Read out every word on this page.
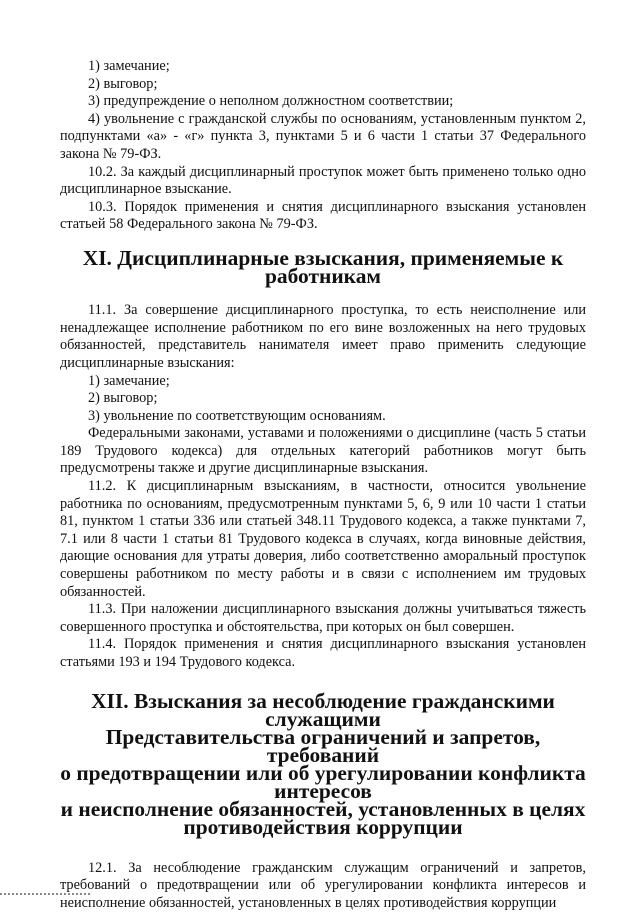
1) замечание;

2) выговор;

3) предупреждение о неполном должностном соответствии;

4) увольнение с гражданской службы по основаниям, установленным пунктом 2, подпунктами «а» - «г» пункта 3, пунктами 5 и 6 части 1 статьи 37 Федерального закона № 79-ФЗ.

10.2. За каждый дисциплинарный проступок может быть применено только одно дисциплинарное взыскание.

10.3. Порядок применения и снятия дисциплинарного взыскания установлен статьей 58 Федерального закона № 79-ФЗ.

XI. Дисциплинарные взыскания, применяемые к работникам

11.1. За совершение дисциплинарного проступка, то есть неисполнение или ненадлежащее исполнение работником по его вине возложенных на него трудовых обязанностей, представитель нанимателя имеет право применить следующие дисциплинарные взыскания:

1) замечание;

2) выговор;

3) увольнение по соответствующим основаниям.

Федеральными законами, уставами и положениями о дисциплине (часть 5 статьи 189 Трудового кодекса) для отдельных категорий работников могут быть предусмотрены также и другие дисциплинарные взыскания.

11.2. К дисциплинарным взысканиям, в частности, относится увольнение работника по основаниям, предусмотренным пунктами 5, 6, 9 или 10 части 1 статьи 81, пунктом 1 статьи 336 или статьей 348.11 Трудового кодекса, а также пунктами 7, 7.1 или 8 части 1 статьи 81 Трудового кодекса в случаях, когда виновные действия, дающие основания для утраты доверия, либо соответственно аморальный проступок совершены работником по месту работы и в связи с исполнением им трудовых обязанностей.

11.3. При наложении дисциплинарного взыскания должны учитываться тяжесть совершенного проступка и обстоятельства, при которых он был совершен.

11.4. Порядок применения и снятия дисциплинарного взыскания установлен статьями 193 и 194 Трудового кодекса.

XII. Взыскания за несоблюдение гражданскими служащими
Представительства ограничений и запретов, требований
о предотвращении или об урегулировании конфликта интересов
и неисполнение обязанностей, установленных в целях
противодействия коррупции

12.1. За несоблюдение гражданским служащим ограничений и запретов, требований о предотвращении или об урегулировании конфликта интересов и неисполнение обязанностей, установленных в целях противодействия коррупции
